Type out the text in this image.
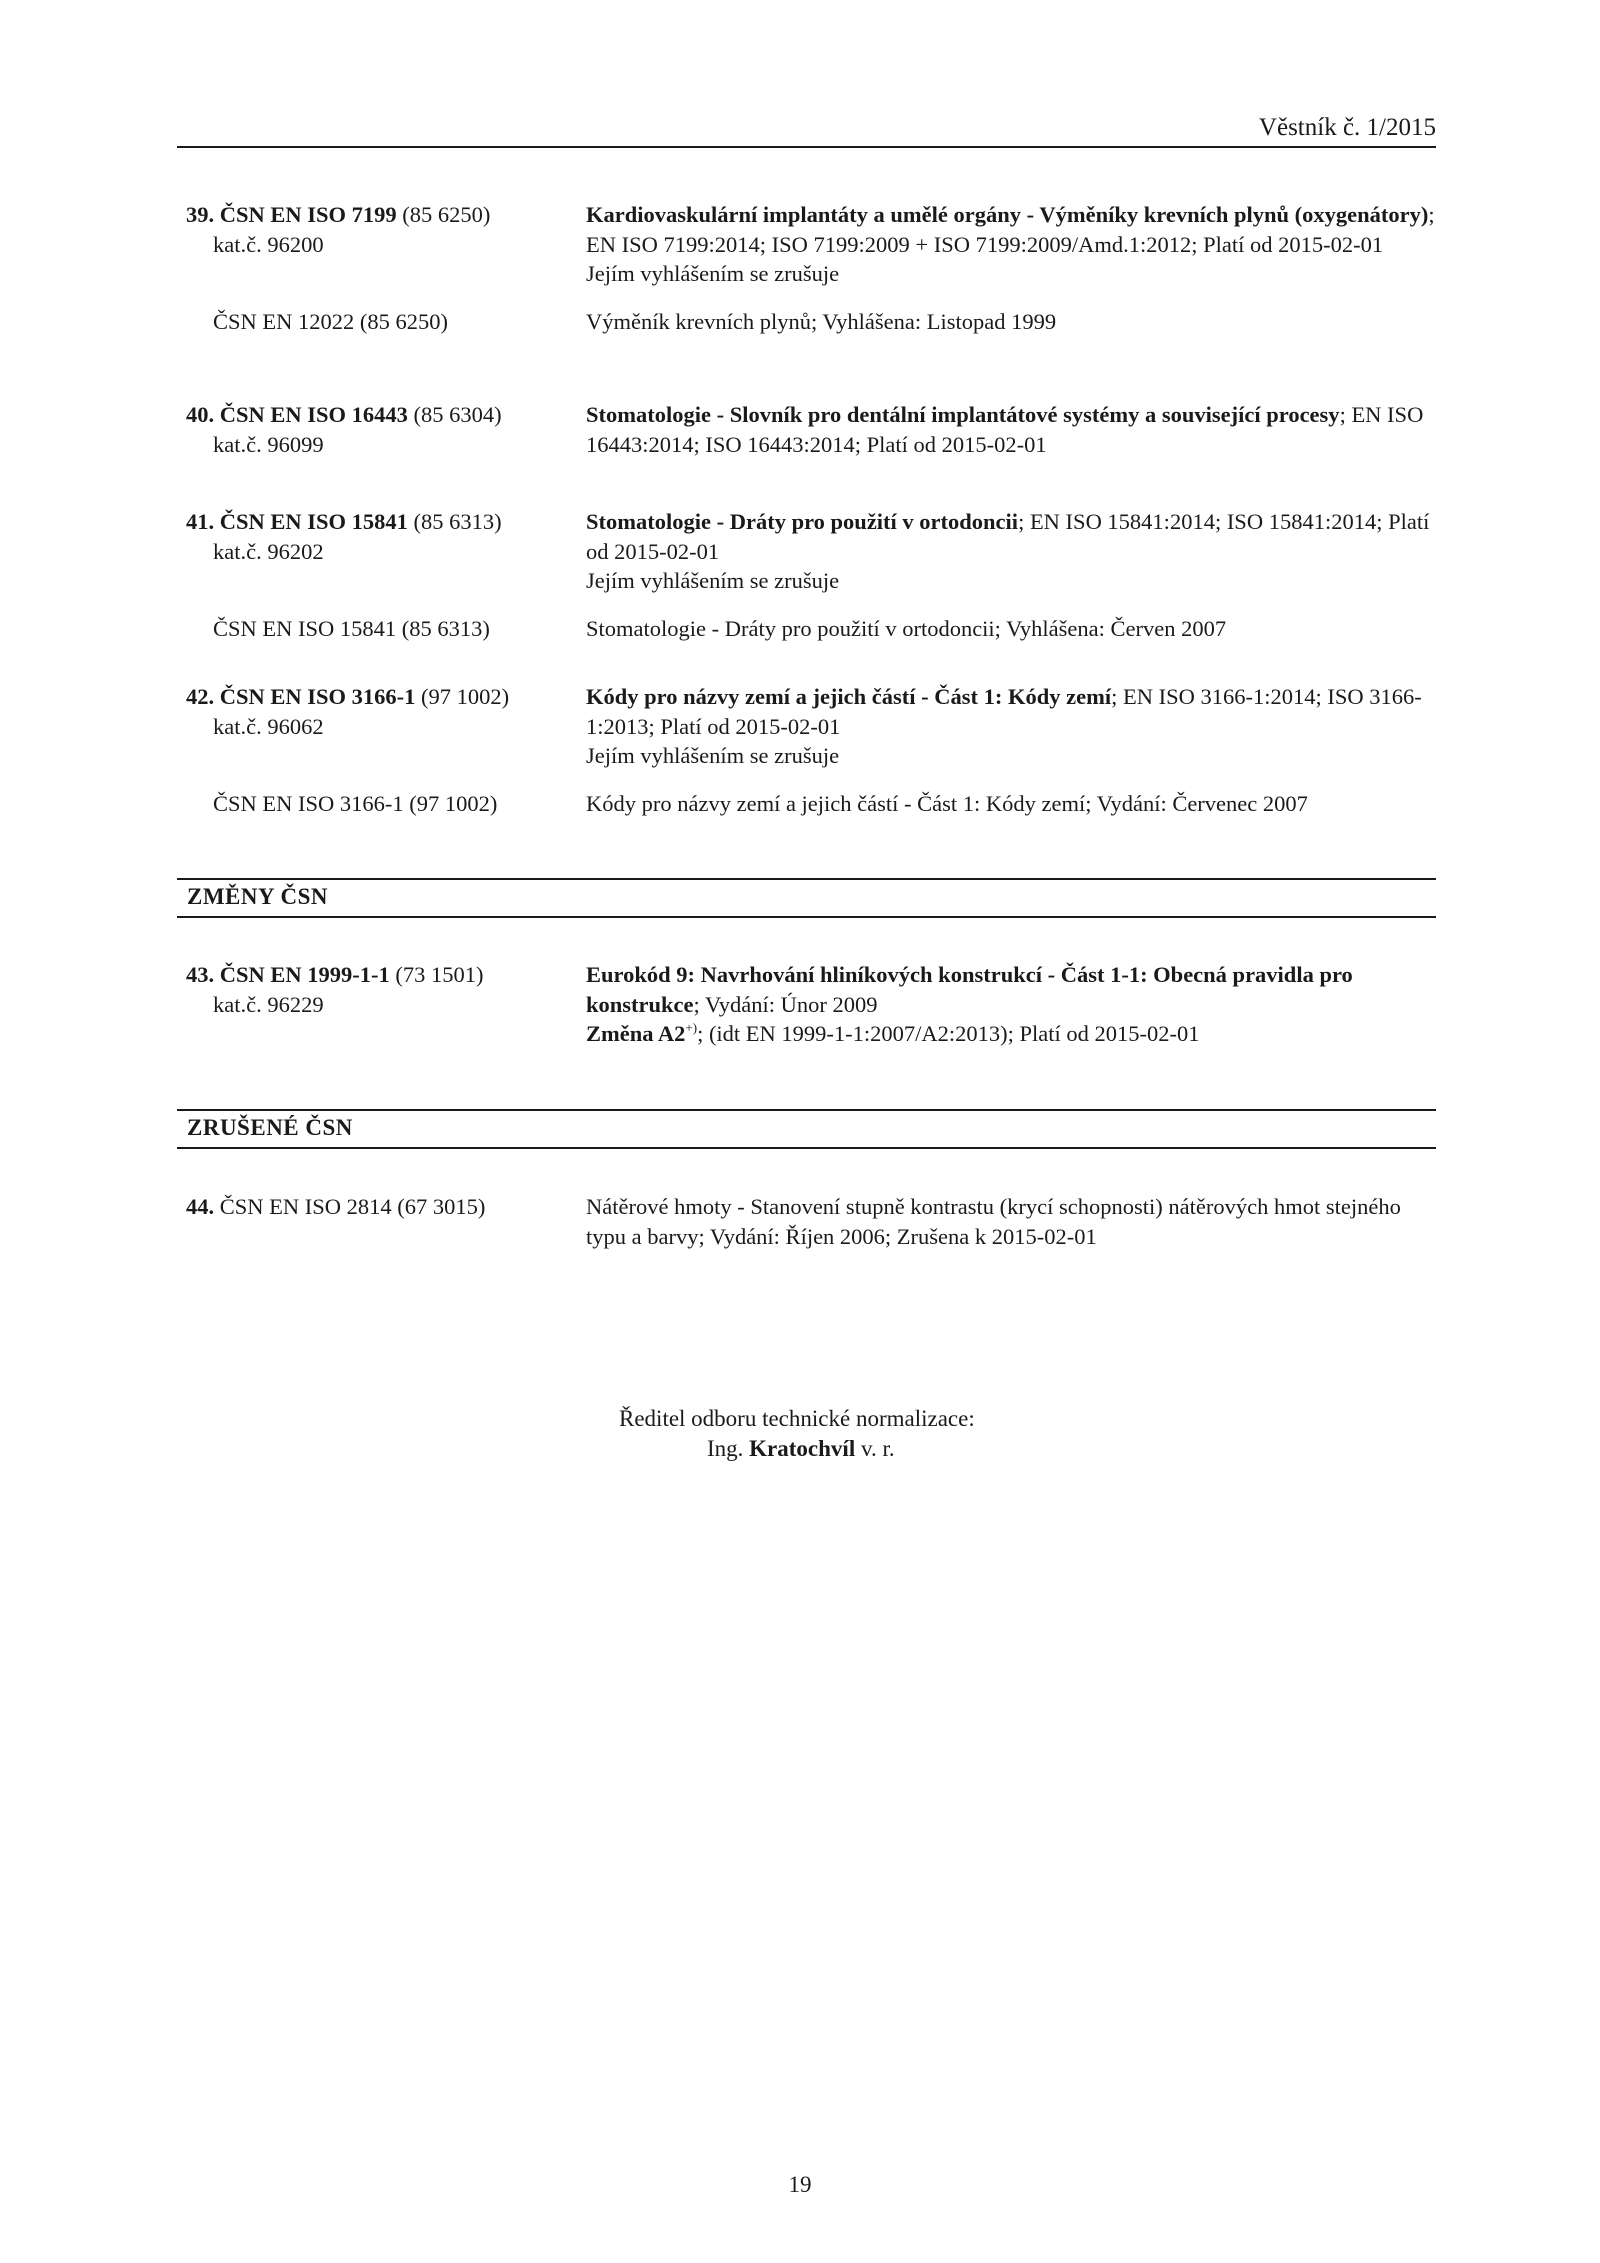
Věstník č. 1/2015
39. ČSN EN ISO 7199 (85 6250)	Kardiovaskulární implantáty a umělé orgány - Výměníky krevních plynů (oxygenátory); EN ISO 7199:2014; ISO 7199:2009 + ISO 7199:2009/Amd.1:2012; Platí od 2015-02-01
kat.č. 96200
Jejím vyhlášením se zrušuje
ČSN EN 12022 (85 6250)	Výměník krevních plynů; Vyhlášena: Listopad 1999
40. ČSN EN ISO 16443 (85 6304)	Stomatologie - Slovník pro dentální implantátové systémy a související procesy; EN ISO 16443:2014; ISO 16443:2014; Platí od 2015-02-01
kat.č. 96099
41. ČSN EN ISO 15841 (85 6313)	Stomatologie - Dráty pro použití v ortodoncii; EN ISO 15841:2014; ISO 15841:2014; Platí od 2015-02-01
kat.č. 96202
Jejím vyhlášením se zrušuje
ČSN EN ISO 15841 (85 6313)	Stomatologie - Dráty pro použití v ortodoncii; Vyhlášena: Červen 2007
42. ČSN EN ISO 3166-1 (97 1002)	Kódy pro názvy zemí a jejich částí - Část 1: Kódy zemí; EN ISO 3166-1:2014; ISO 3166-1:2013; Platí od 2015-02-01
kat.č. 96062
Jejím vyhlášením se zrušuje
ČSN EN ISO 3166-1 (97 1002)	Kódy pro názvy zemí a jejich částí - Část 1: Kódy zemí; Vydání: Červenec 2007
ZMĚNY ČSN
43. ČSN EN 1999-1-1 (73 1501)	Eurokód 9: Navrhování hliníkových konstrukcí - Část 1-1: Obecná pravidla pro konstrukce; Vydání: Únor 2009
kat.č. 96229
Změna A2+); (idt EN 1999-1-1:2007/A2:2013); Platí od 2015-02-01
ZRUŠENÉ ČSN
44. ČSN EN ISO 2814 (67 3015)	Nátěrové hmoty - Stanovení stupně kontrastu (krycí schopnosti) nátěrových hmot stejného typu a barvy; Vydání: Říjen 2006; Zrušena k 2015-02-01
Ředitel odboru technické normalizace:
Ing. Kratochvíl v. r.
19
